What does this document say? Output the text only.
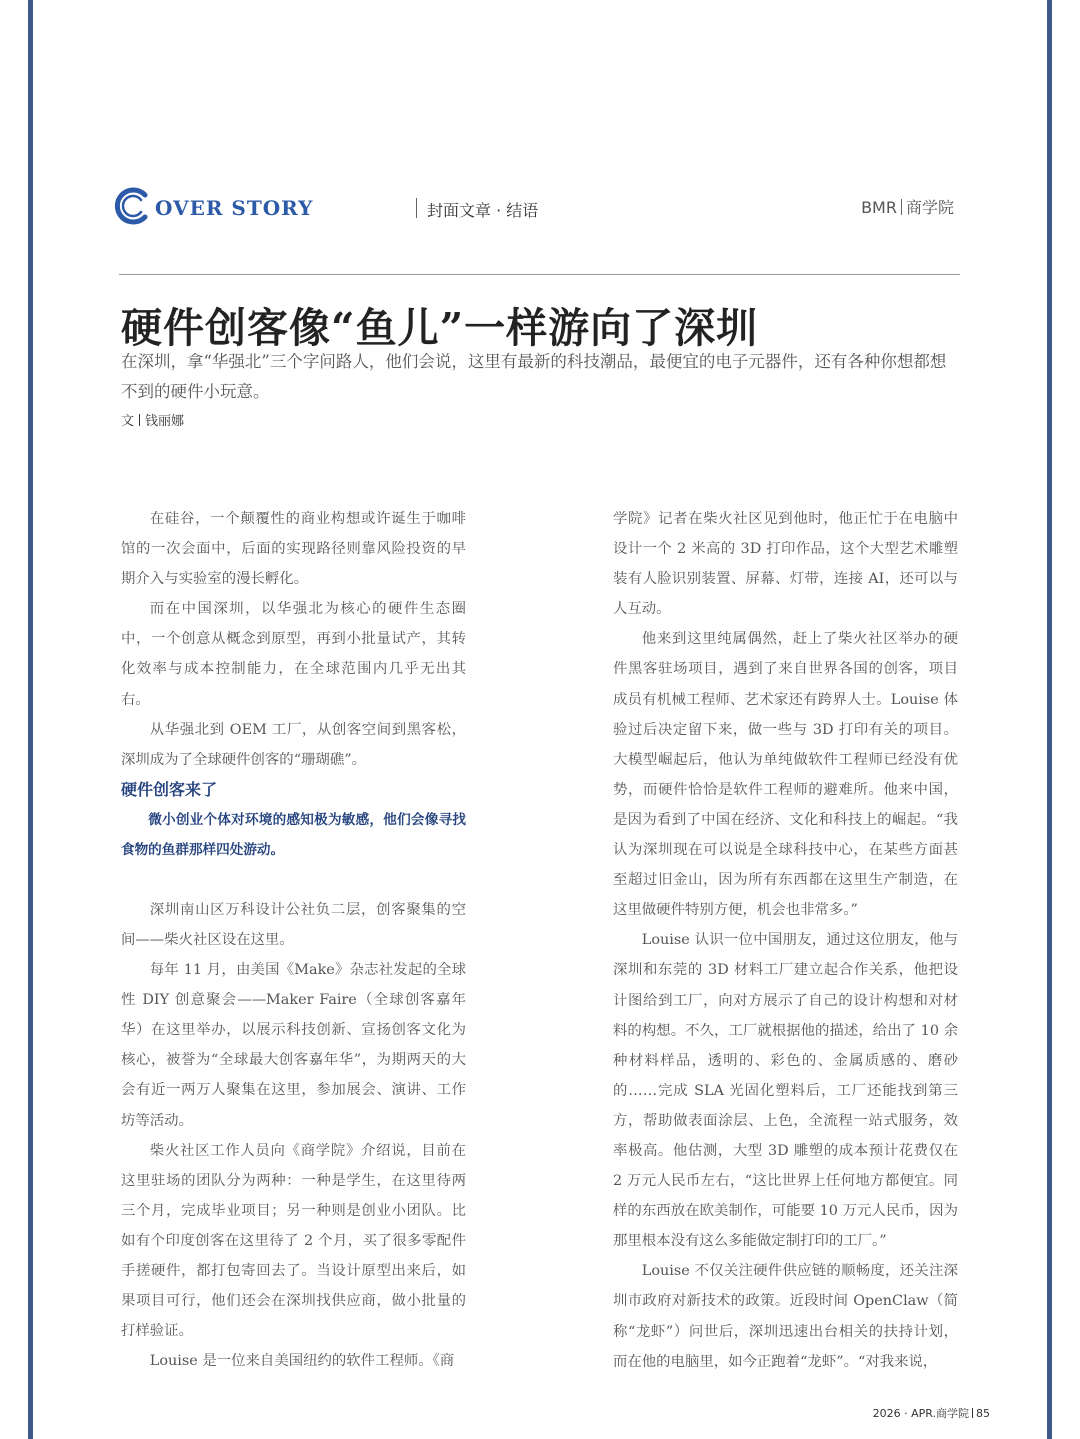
OVER STORY	封面文章 · 结语	BMR 商学院
硬件创客像“鱼儿”一样游向了深圳
在深圳，拿“华强北”三个字问路人，他们会说，这里有最新的科技潮品，最便宜的电子元器件，还有各种你想都想不到的硬件小玩意。
文 钱丽娜

在硅谷，一个颠覆性的商业构想或许诞生于咖啡馆的一次会面中，后面的实现路径则靠风险投资的早期介入与实验室的漫长孵化。

而在中国深圳，以华强北为核心的硬件生态圈中，一个创意从概念到原型，再到小批量试产，其转化效率与成本控制能力，在全球范围内几乎无出其右。

从华强北到 OEM 工厂，从创客空间到黑客松，深圳成为了全球硬件创客的“珊瑚礁”。

硬件创客来了

微小创业个体对环境的感知极为敏感，他们会像寻找食物的鱼群那样四处游动。

深圳南山区万科设计公社负二层，创客聚集的空间——柴火社区设在这里。

每年 11 月，由美国《Make》杂志社发起的全球性 DIY 创意聚会——Maker Faire（全球创客嘉年华）在这里举办，以展示科技创新、宣扬创客文化为核心，被誉为“全球最大创客嘉年华”，为期两天的大会有近一两万人聚集在这里，参加展会、演讲、工作坊等活动。

柴火社区工作人员向《商学院》介绍说，目前在这里驻场的团队分为两种：一种是学生，在这里待两三个月，完成毕业项目；另一种则是创业小团队。比如有个印度创客在这里待了 2 个月，买了很多零配件手搓硬件，都打包寄回去了。当设计原型出来后，如果项目可行，他们还会在深圳找供应商，做小批量的打样验证。

Louise 是一位来自美国纽约的软件工程师。《商

学院》记者在柴火社区见到他时，他正忙于在电脑中设计一个 2 米高的 3D 打印作品，这个大型艺术雕塑装有人脸识别装置、屏幕、灯带，连接 AI，还可以与人互动。

他来到这里纯属偶然，赶上了柴火社区举办的硬件黑客驻场项目，遇到了来自世界各国的创客，项目成员有机械工程师、艺术家还有跨界人士。Louise 体验过后决定留下来，做一些与 3D 打印有关的项目。大模型崛起后，他认为单纯做软件工程师已经没有优势，而硬件恰恰是软件工程师的避难所。他来中国，是因为看到了中国在经济、文化和科技上的崛起。“我认为深圳现在可以说是全球科技中心，在某些方面甚至超过旧金山，因为所有东西都在这里生产制造，在这里做硬件特别方便，机会也非常多。”

Louise 认识一位中国朋友，通过这位朋友，他与深圳和东莞的 3D 材料工厂建立起合作关系，他把设计图给到工厂，向对方展示了自己的设计构想和对材料的构想。不久，工厂就根据他的描述，给出了 10 余种材料样品，透明的、彩色的、金属质感的、磨砂的……完成 SLA 光固化塑料后，工厂还能找到第三方，帮助做表面涂层、上色，全流程一站式服务，效率极高。他估测，大型 3D 雕塑的成本预计花费仅在 2 万元人民币左右，“这比世界上任何地方都便宜。同样的东西放在欧美制作，可能要 10 万元人民币，因为那里根本没有这么多能做定制打印的工厂。”

Louise 不仅关注硬件供应链的顺畅度，还关注深圳市政府对新技术的政策。近段时间 OpenClaw（简称“龙虾”）问世后，深圳迅速出台相关的扶持计划，而在他的电脑里，如今正跑着“龙虾”。“对我来说，

2026 · APR.商学院 85
